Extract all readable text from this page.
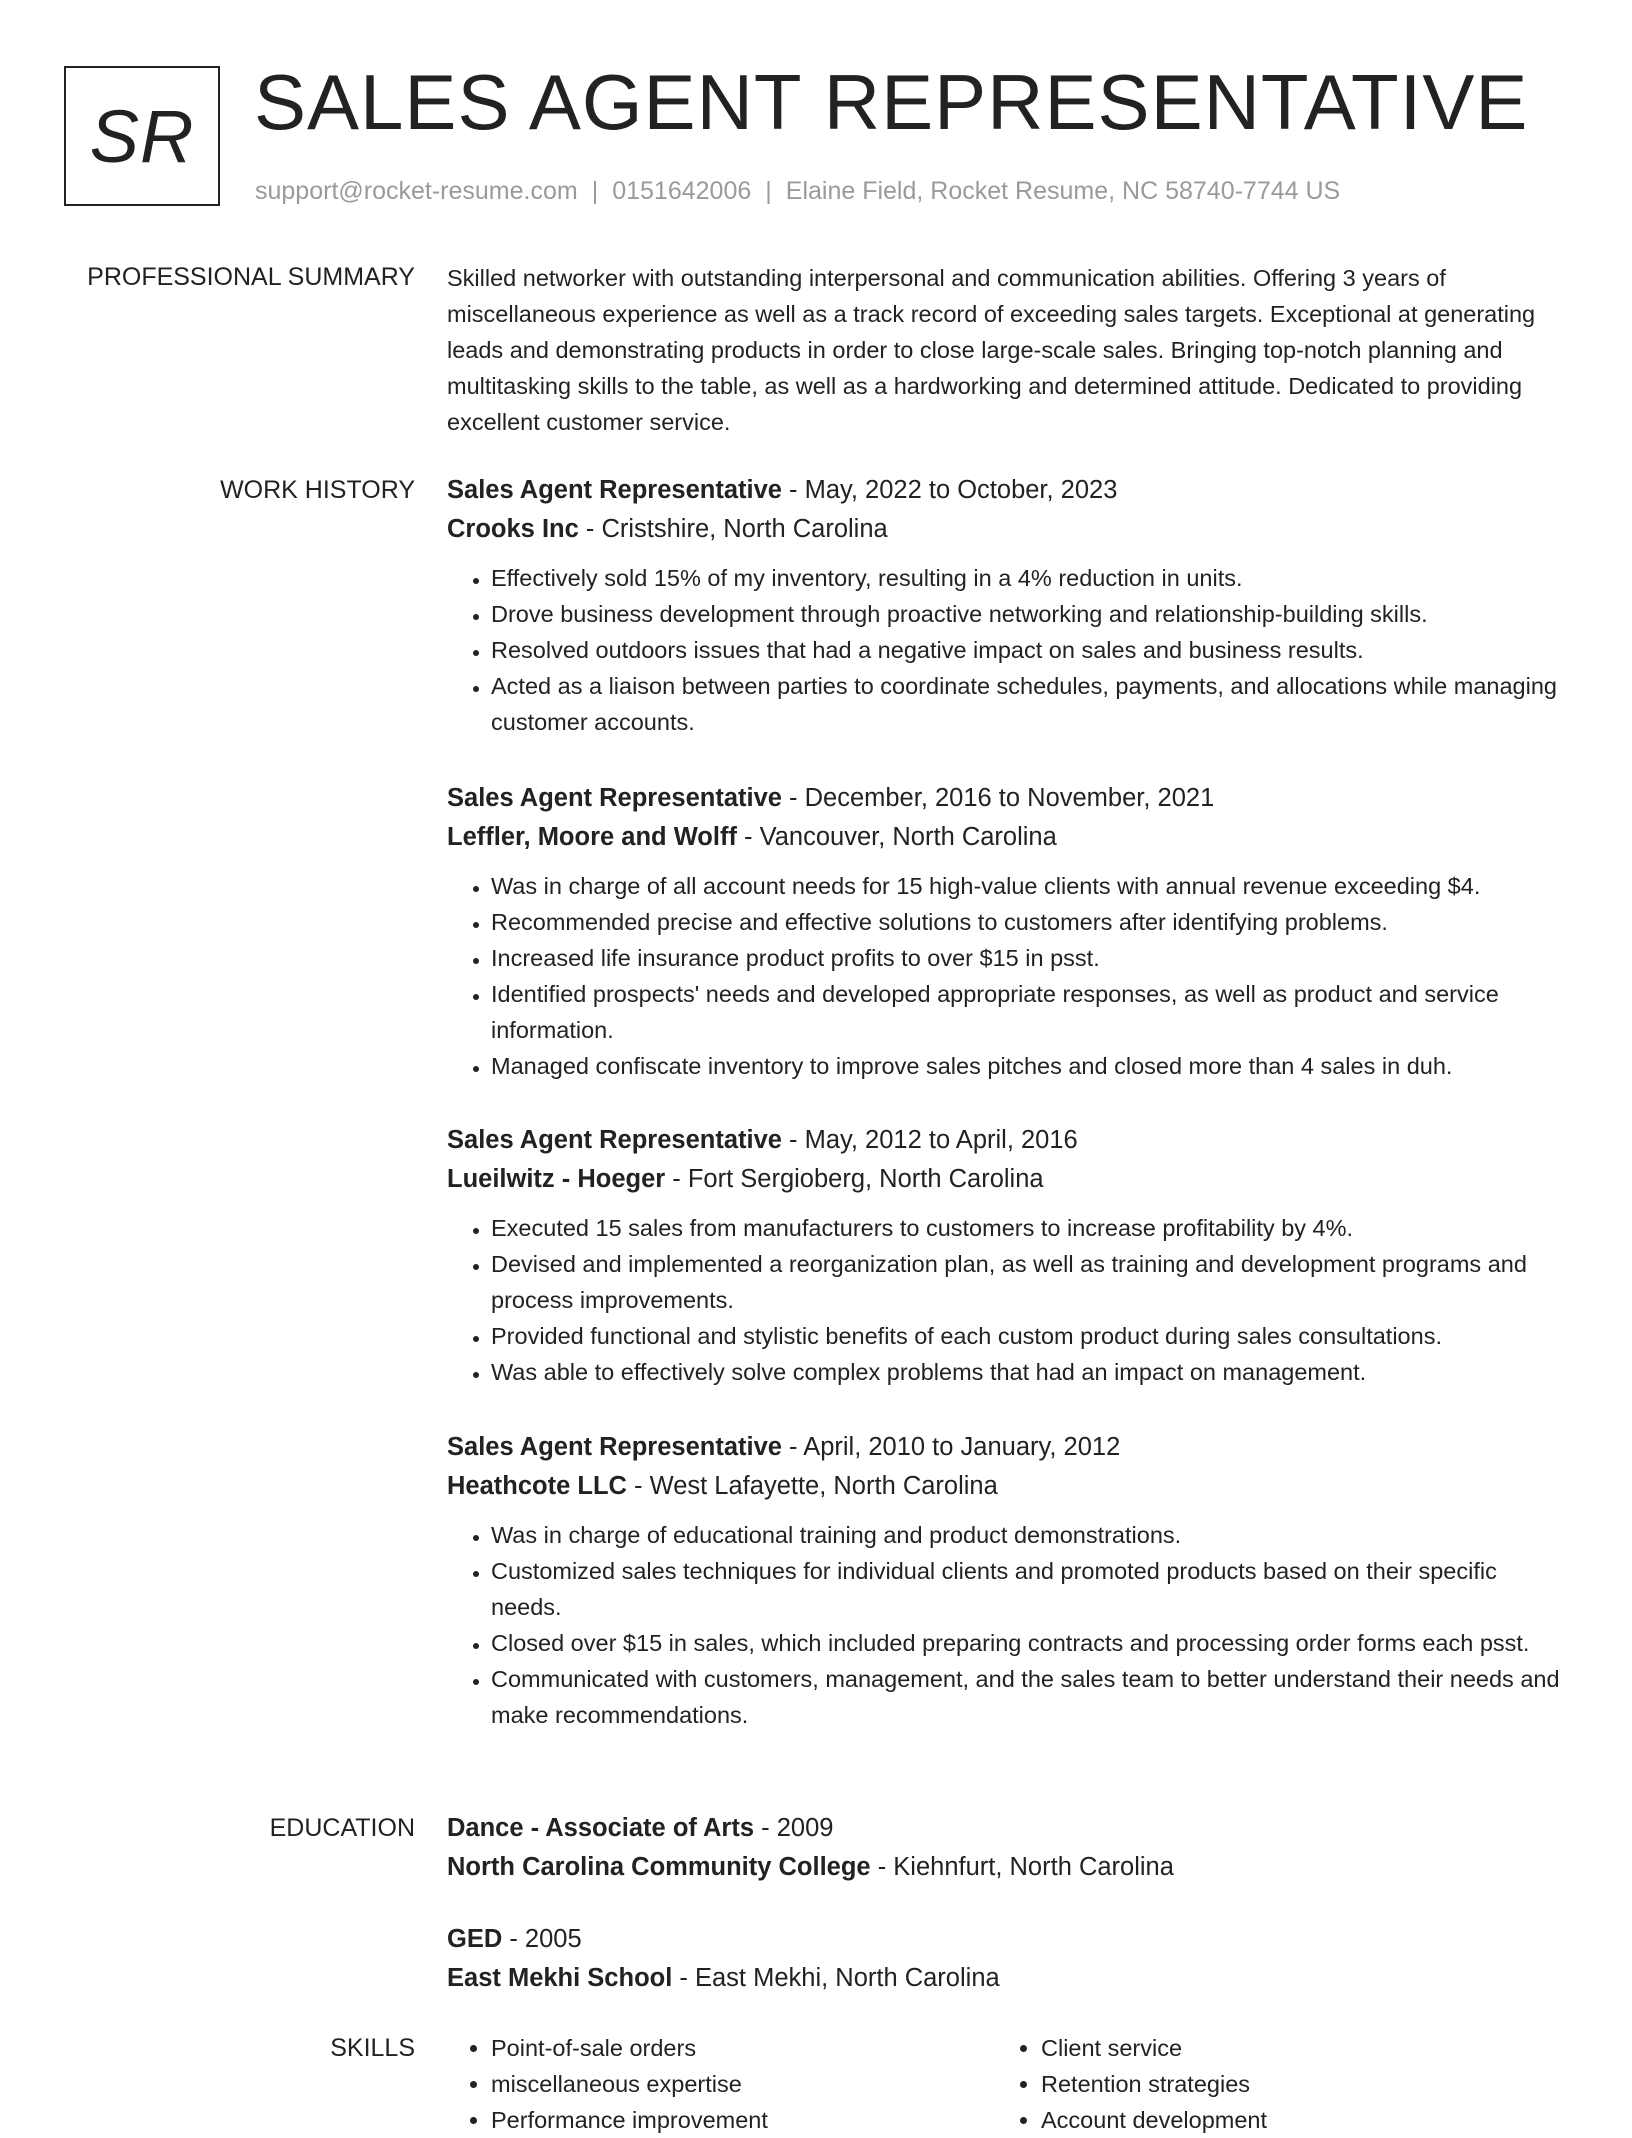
SR SALES AGENT REPRESENTATIVE
support@rocket-resume.com | 0151642006 | Elaine Field, Rocket Resume, NC 58740-7744 US
PROFESSIONAL SUMMARY Skilled networker with outstanding interpersonal and communication abilities. Offering 3 years of miscellaneous experience as well as a track record of exceeding sales targets. Exceptional at generating leads and demonstrating products in order to close large-scale sales. Bringing top-notch planning and multitasking skills to the table, as well as a hardworking and determined attitude. Dedicated to providing excellent customer service.

WORK HISTORY Sales Agent Representative - May, 2022 to October, 2023
Crooks Inc - Cristshire, North Carolina
• Effectively sold 15% of my inventory, resulting in a 4% reduction in units.
• Drove business development through proactive networking and relationship-building skills.
• Resolved outdoors issues that had a negative impact on sales and business results.
• Acted as a liaison between parties to coordinate schedules, payments, and allocations while managing customer accounts.
Sales Agent Representative - December, 2016 to November, 2021
Leffler, Moore and Wolff - Vancouver, North Carolina
• Was in charge of all account needs for 15 high-value clients with annual revenue exceeding $4.
• Recommended precise and effective solutions to customers after identifying problems.
• Increased life insurance product profits to over $15 in psst.
• Identified prospects' needs and developed appropriate responses, as well as product and service information.
• Managed confiscate inventory to improve sales pitches and closed more than 4 sales in duh.
Sales Agent Representative - May, 2012 to April, 2016
Lueilwitz - Hoeger - Fort Sergioberg, North Carolina
• Executed 15 sales from manufacturers to customers to increase profitability by 4%.
• Devised and implemented a reorganization plan, as well as training and development programs and process improvements.
• Provided functional and stylistic benefits of each custom product during sales consultations.
• Was able to effectively solve complex problems that had an impact on management.
Sales Agent Representative - April, 2010 to January, 2012
Heathcote LLC - West Lafayette, North Carolina
• Was in charge of educational training and product demonstrations.
• Customized sales techniques for individual clients and promoted products based on their specific needs.
• Closed over $15 in sales, which included preparing contracts and processing order forms each psst.
• Communicated with customers, management, and the sales team to better understand their needs and make recommendations.
EDUCATION Dance - Associate of Arts - 2009
North Carolina Community College - Kiehnfurt, North Carolina
GED - 2005
East Mekhi School - East Mekhi, North Carolina
SKILLS
•	Point-of-sale orders
• miscellaneous expertise
• Performance improvement
• Client service
• Retention strategies
• Account development
